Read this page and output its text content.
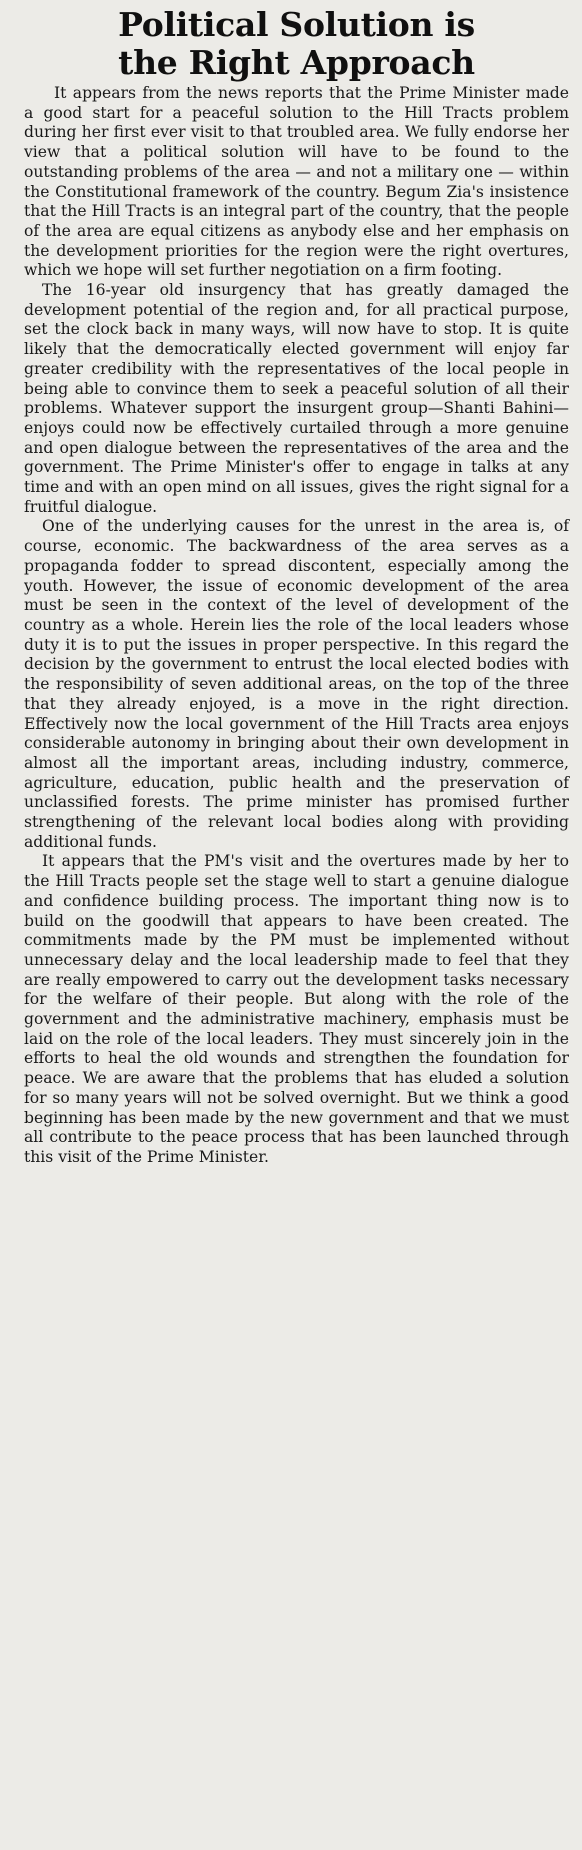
Political Solution is
the Right Approach

It appears from the news reports that the Prime Minister made a good start for a peaceful solution to the Hill Tracts problem during her first ever visit to that troubled area. We fully endorse her view that a political solution will have to be found to the outstanding problems of the area — and not a military one — within the Constitutional framework of the country. Begum Zia's insistence that the Hill Tracts is an integral part of the country, that the people of the area are equal citizens as anybody else and her emphasis on the development priorities for the region were the right overtures, which we hope will set further negotiation on a firm footing.

The 16-year old insurgency that has greatly damaged the development potential of the region and, for all practical purpose, set the clock back in many ways, will now have to stop. It is quite likely that the democratically elected government will enjoy far greater credibility with the representatives of the local people in being able to convince them to seek a peaceful solution of all their problems. Whatever support the insurgent group—Shanti Bahini— enjoys could now be effectively curtailed through a more genuine and open dialogue between the representatives of the area and the government. The Prime Minister's offer to engage in talks at any time and with an open mind on all issues, gives the right signal for a fruitful dialogue.

One of the underlying causes for the unrest in the area is, of course, economic. The backwardness of the area serves as a propaganda fodder to spread discontent, especially among the youth. However, the issue of economic development of the area must be seen in the context of the level of development of the country as a whole. Herein lies the role of the local leaders whose duty it is to put the issues in proper perspective. In this regard the decision by the government to entrust the local elected bodies with the responsibility of seven additional areas, on the top of the three that they already enjoyed, is a move in the right direction. Effectively now the local government of the Hill Tracts area enjoys considerable autonomy in bringing about their own development in almost all the important areas, including industry, commerce, agriculture, education, public health and the preservation of unclassified forests. The prime minister has promised further strengthening of the relevant local bodies along with providing additional funds.

It appears that the PM's visit and the overtures made by her to the Hill Tracts people set the stage well to start a genuine dialogue and confidence building process. The important thing now is to build on the goodwill that appears to have been created. The commitments made by the PM must be implemented without unnecessary delay and the local leadership made to feel that they are really empowered to carry out the development tasks necessary for the welfare of their people. But along with the role of the government and the administrative machinery, emphasis must be laid on the role of the local leaders. They must sincerely join in the efforts to heal the old wounds and strengthen the foundation for peace. We are aware that the problems that has eluded a solution for so many years will not be solved overnight. But we think a good beginning has been made by the new government and that we must all contribute to the peace process that has been launched through this visit of the Prime Minister.
